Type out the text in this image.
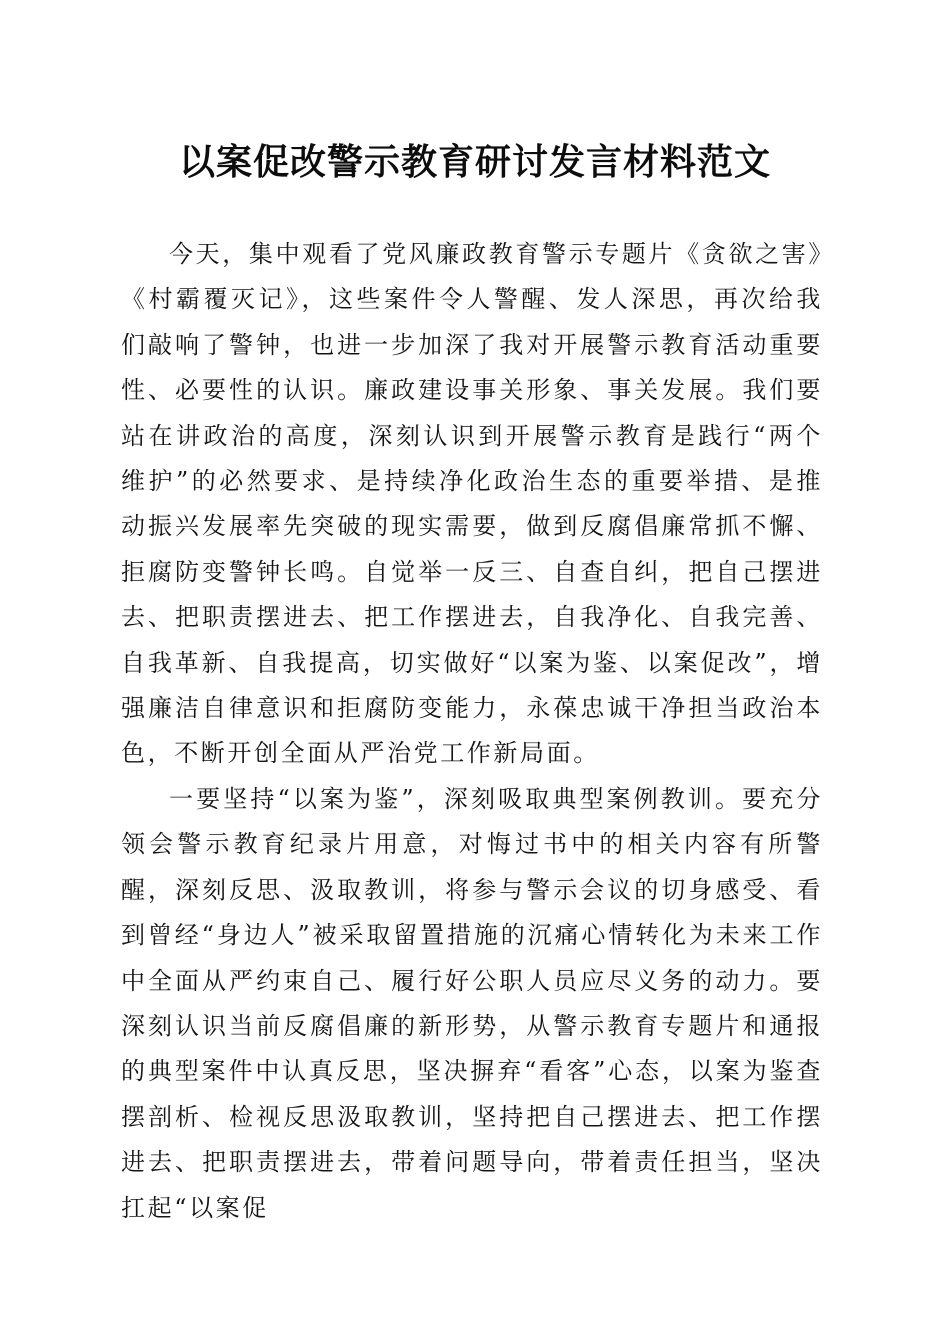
以案促改警示教育研讨发言材料范文

今天，集中观看了党风廉政教育警示专题片《贪欲之害》《村霸覆灭记》，这些案件令人警醒、发人深思，再次给我们敲响了警钟，也进一步加深了我对开展警示教育活动重要性、必要性的认识。廉政建设事关形象、事关发展。我们要站在讲政治的高度，深刻认识到开展警示教育是践行“两个维护”的必然要求、是持续净化政治生态的重要举措、是推动振兴发展率先突破的现实需要，做到反腐倡廉常抓不懈、拒腐防变警钟长鸣。自觉举一反三、自查自纠，把自己摆进去、把职责摆进去、把工作摆进去，自我净化、自我完善、自我革新、自我提高，切实做好“以案为鉴、以案促改”，增强廉洁自律意识和拒腐防变能力，永葆忠诚干净担当政治本色，不断开创全面从严治党工作新局面。

一要坚持“以案为鉴”，深刻吸取典型案例教训。要充分领会警示教育纪录片用意，对悔过书中的相关内容有所警醒，深刻反思、汲取教训，将参与警示会议的切身感受、看到曾经“身边人”被采取留置措施的沉痛心情转化为未来工作中全面从严约束自己、履行好公职人员应尽义务的动力。要深刻认识当前反腐倡廉的新形势，从警示教育专题片和通报的典型案件中认真反思，坚决摒弃“看客”心态，以案为鉴查摆剖析、检视反思汲取教训，坚持把自己摆进去、把工作摆进去、把职责摆进去，带着问题导向，带着责任担当，坚决扛起“以案促
